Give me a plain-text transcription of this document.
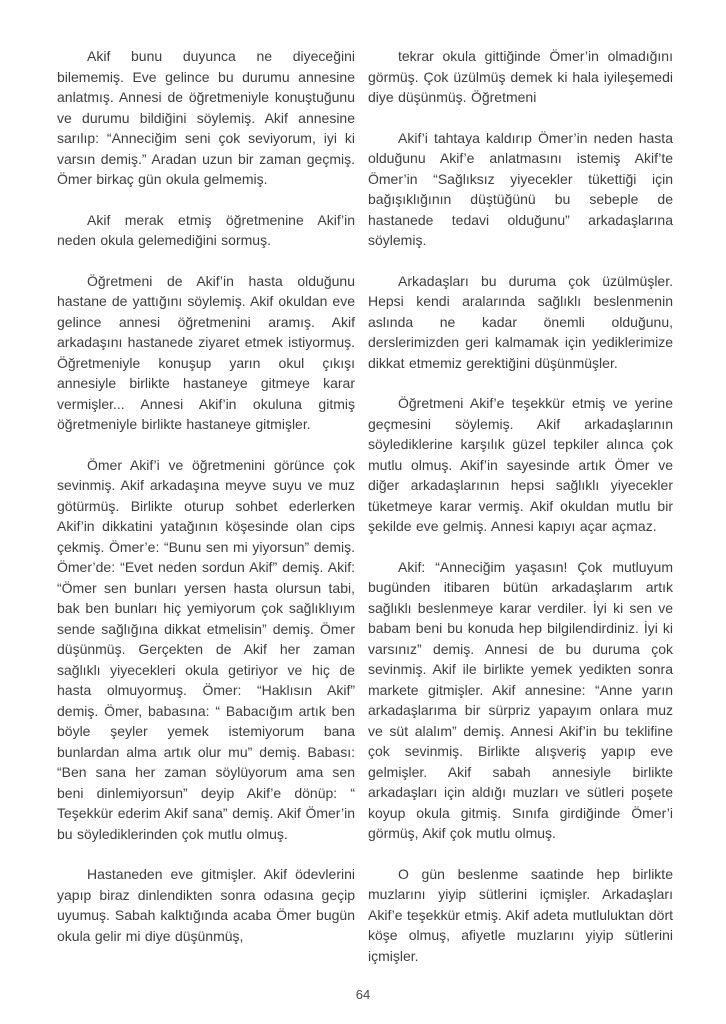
Akif bunu duyunca ne diyeceğini bilememiş. Eve gelince bu durumu annesine anlatmış. Annesi de öğretmeniyle konuştuğunu ve durumu bildiğini söylemiş. Akif annesine sarılıp: “Anneciğim seni çok seviyorum, iyi ki varsın demiş.” Aradan uzun bir zaman geçmiş. Ömer birkaç gün okula gelmemiş.

Akif merak etmiş öğretmenine Akif’in neden okula gelemediğini sormuş.

Öğretmeni de Akif’in hasta olduğunu hastane de yattığını söylemiş. Akif okuldan eve gelince annesi öğretmenini aramış. Akif arkadaşını hastanede ziyaret etmek istiyormuş. Öğretmeniyle konuşup yarın okul çıkışı annesiyle birlikte hastaneye gitmeye karar vermişler... Annesi Akif’in okuluna gitmiş öğretmeniyle birlikte hastaneye gitmişler.

Ömer Akif’i ve öğretmenini görünce çok sevinmiş. Akif arkadaşına meyve suyu ve muz götürmüş. Birlikte oturup sohbet ederlerken Akif’in dikkatini yatağının köşesinde olan cips çekmiş. Ömer’e: “Bunu sen mi yiyorsun” demiş. Ömer’de: “Evet neden sordun Akif” demiş. Akif: “Ömer sen bunları yersen hasta olursun tabi, bak ben bunları hiç yemiyorum çok sağlıklıyım sende sağlığına dikkat etmelisin” demiş. Ömer düşünmüş. Gerçekten de Akif her zaman sağlıklı yiyecekleri okula getiriyor ve hiç de hasta olmuyormuş. Ömer: “Haklısın Akif” demiş. Ömer, babasına: “ Babacığım artık ben böyle şeyler yemek istemiyorum bana bunlardan alma artık olur mu” demiş. Babası: “Ben sana her zaman söylüyorum ama sen beni dinlemiyorsun” deyip Akif’e dönüp: “ Teşekkür ederim Akif sana” demiş. Akif Ömer’in bu söylediklerinden çok mutlu olmuş.

Hastaneden eve gitmişler. Akif ödevlerini yapıp biraz dinlendikten sonra odasına geçip uyumuş. Sabah kalktığında acaba Ömer bugün okula gelir mi diye düşünmüş,

tekrar okula gittiğinde Ömer’in olmadığını görmüş. Çok üzülmüş demek ki hala iyileşemedi diye düşünmüş. Öğretmeni

Akif’i tahtaya kaldırıp Ömer’in neden hasta olduğunu Akif’e anlatmasını istemiş Akif’te Ömer’in “Sağlıksız yiyecekler tükettiği için bağışıklığının düştüğünü bu sebeple de hastanede tedavi olduğunu” arkadaşlarına söylemiş.

Arkadaşları bu duruma çok üzülmüşler. Hepsi kendi aralarında sağlıklı beslenmenin aslında ne kadar önemli olduğunu, derslerimizden geri kalmamak için yediklerimize dikkat etmemiz gerektiğini düşünmüşler.

Öğretmeni Akif’e teşekkür etmiş ve yerine geçmesini söylemiş. Akif arkadaşlarının söylediklerine karşılık güzel tepkiler alınca çok mutlu olmuş. Akif’in sayesinde artık Ömer ve diğer arkadaşlarının hepsi sağlıklı yiyecekler tüketmeye karar vermiş. Akif okuldan mutlu bir şekilde eve gelmiş. Annesi kapıyı açar açmaz.

Akif: “Anneciğim yaşasın! Çok mutluyum bugünden itibaren bütün arkadaşlarım artık sağlıklı beslenmeye karar verdiler. İyi ki sen ve babam beni bu konuda hep bilgilendirdiniz. İyi ki varsınız” demiş. Annesi de bu duruma çok sevinmiş. Akif ile birlikte yemek yedikten sonra markete gitmişler. Akif annesine: “Anne yarın arkadaşlarıma bir sürpriz yapayım onlara muz ve süt alalım” demiş. Annesi Akif’in bu teklifine çok sevinmiş. Birlikte alışveriş yapıp eve gelmişler. Akif sabah annesiyle birlikte arkadaşları için aldığı muzları ve sütleri poşete koyup okula gitmiş. Sınıfa girdiğinde Ömer’i görmüş, Akif çok mutlu olmuş.

O gün beslenme saatinde hep birlikte muzlarını yiyip sütlerini içmişler. Arkadaşları Akif’e teşekkür etmiş. Akif adeta mutluluktan dört köşe olmuş, afiyetle muzlarını yiyip sütlerini içmişler.

64
